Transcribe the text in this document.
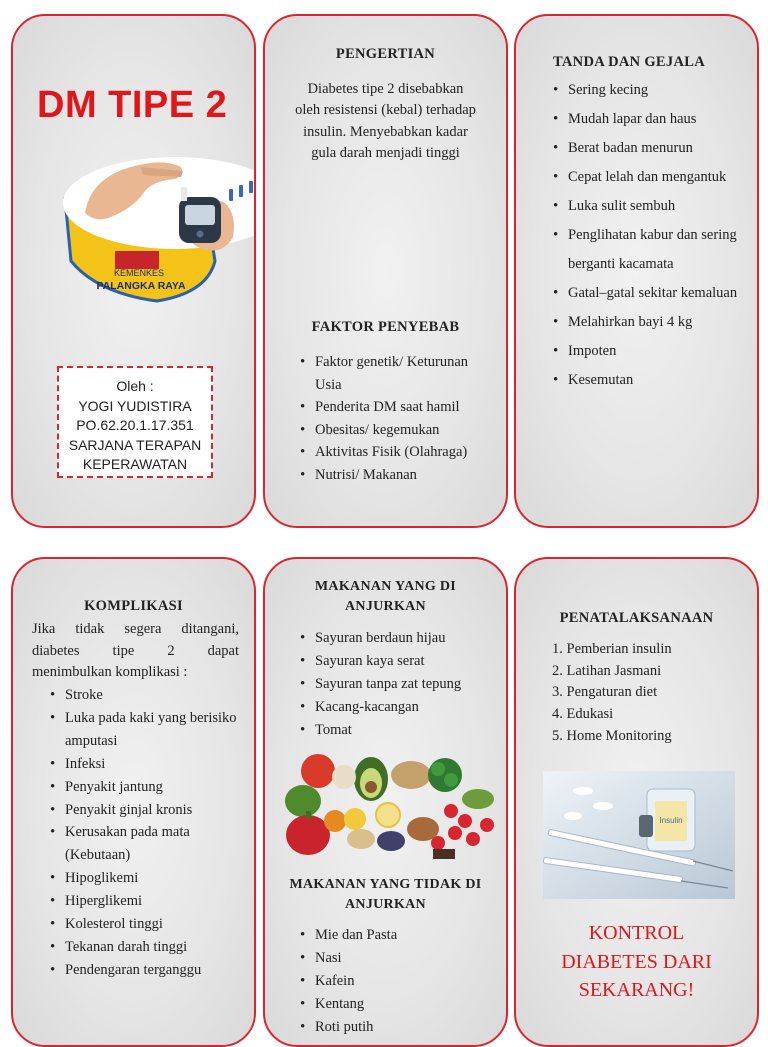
DM TIPE 2
KEMENKES
PALANGKA RAYA
Oleh :
YOGI YUDISTIRA
PO.62.20.1.17.351
SARJANA TERAPAN
KEPERAWATAN
PENGERTIAN
Diabetes tipe 2 disebabkan
oleh resistensi (kebal) terhadap
insulin. Menyebabkan kadar
gula darah menjadi tinggi
FAKTOR PENYEBAB
• Faktor genetik/ Keturunan Usia
• Penderita DM saat hamil
• Obesitas/ kegemukan
• Aktivitas Fisik (Olahraga)
• Nutrisi/ Makanan
TANDA DAN GEJALA
• Sering kecing
• Mudah lapar dan haus
• Berat badan menurun
• Cepat lelah dan mengantuk
• Luka sulit sembuh
• Penglihatan kabur dan sering berganti kacamata
• Gatal–gatal sekitar kemaluan
• Melahirkan bayi 4 kg
• Impoten
• Kesemutan
KOMPLIKASI
Jika tidak segera ditangani,
diabetes tipe 2 dapat
menimbulkan komplikasi :
• Stroke
• Luka pada kaki yang berisiko amputasi
• Infeksi
• Penyakit jantung
• Penyakit ginjal kronis
• Kerusakan pada mata (Kebutaan)
• Hipoglikemi
• Hiperglikemi
• Kolesterol tinggi
• Tekanan darah tinggi
• Pendengaran terganggu
MAKANAN YANG DI
ANJURKAN
• Sayuran berdaun hijau
• Sayuran kaya serat
• Sayuran tanpa zat tepung
• Kacang-kacangan
• Tomat
MAKANAN YANG TIDAK DI
ANJURKAN
• Mie dan Pasta
• Nasi
• Kafein
• Kentang
• Roti putih
PENATALAKSANAAN
1. Pemberian insulin
2. Latihan Jasmani
3. Pengaturan diet
4. Edukasi
5. Home Monitoring
Insulin
KONTROL
DIABETES DARI
SEKARANG!
